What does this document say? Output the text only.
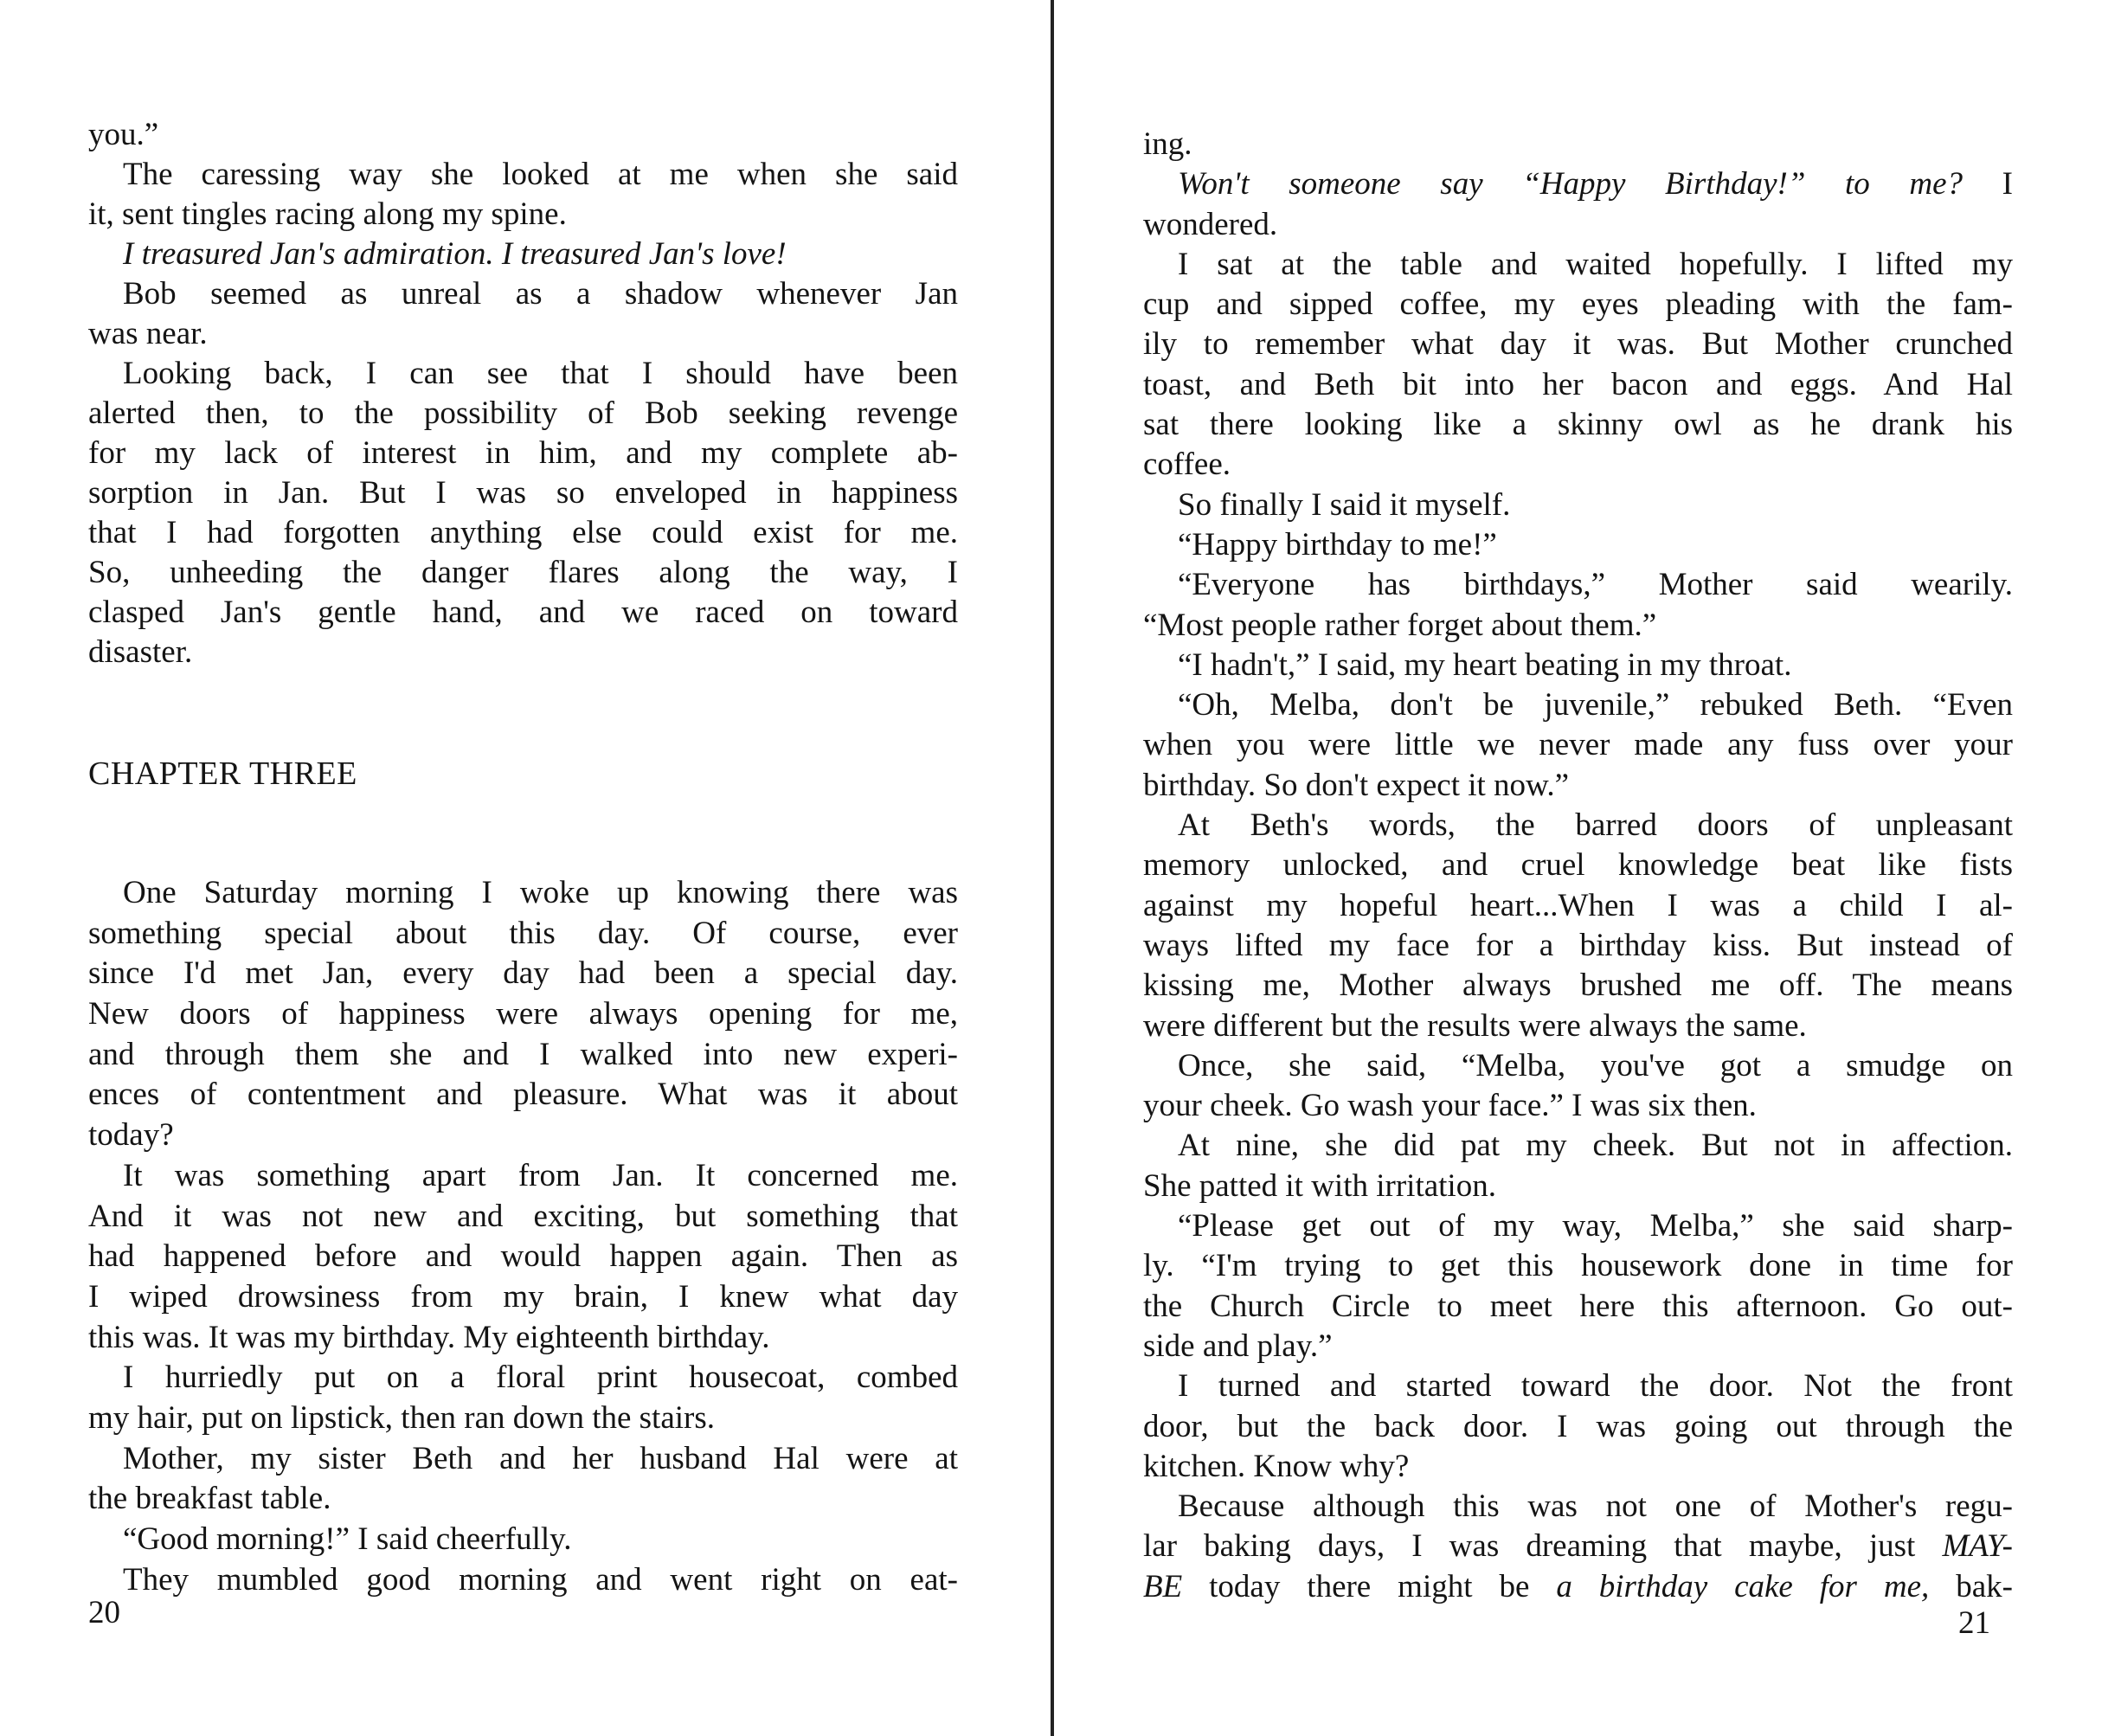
you.”
The caressing way she looked at me when she said
it, sent tingles racing along my spine.
I treasured Jan's admiration. I treasured Jan's love!
Bob seemed as unreal as a shadow whenever Jan
was near.
Looking back, I can see that I should have been
alerted then, to the possibility of Bob seeking revenge
for my lack of interest in him, and my complete ab-
sorption in Jan. But I was so enveloped in happiness
that I had forgotten anything else could exist for me.
So, unheeding the danger flares along the way, I
clasped Jan's gentle hand, and we raced on toward
disaster.
CHAPTER THREE
One Saturday morning I woke up knowing there was
something special about this day. Of course, ever
since I'd met Jan, every day had been a special day.
New doors of happiness were always opening for me,
and through them she and I walked into new experi-
ences of contentment and pleasure. What was it about
today?
It was something apart from Jan. It concerned me.
And it was not new and exciting, but something that
had happened before and would happen again. Then as
I wiped drowsiness from my brain, I knew what day
this was. It was my birthday. My eighteenth birthday.
I hurriedly put on a floral print housecoat, combed
my hair, put on lipstick, then ran down the stairs.
Mother, my sister Beth and her husband Hal were at
the breakfast table.
“Good morning!” I said cheerfully.
They mumbled good morning and went right on eat-
20
ing.
Won't someone say “Happy Birthday!” to me? I
wondered.
I sat at the table and waited hopefully. I lifted my
cup and sipped coffee, my eyes pleading with the fam-
ily to remember what day it was. But Mother crunched
toast, and Beth bit into her bacon and eggs. And Hal
sat there looking like a skinny owl as he drank his
coffee.
So finally I said it myself.
“Happy birthday to me!”
“Everyone has birthdays,” Mother said wearily.
“Most people rather forget about them.”
“I hadn't,” I said, my heart beating in my throat.
“Oh, Melba, don't be juvenile,” rebuked Beth. “Even
when you were little we never made any fuss over your
birthday. So don't expect it now.”
At Beth's words, the barred doors of unpleasant
memory unlocked, and cruel knowledge beat like fists
against my hopeful heart...When I was a child I al-
ways lifted my face for a birthday kiss. But instead of
kissing me, Mother always brushed me off. The means
were different but the results were always the same.
Once, she said, “Melba, you've got a smudge on
your cheek. Go wash your face.” I was six then.
At nine, she did pat my cheek. But not in affection.
She patted it with irritation.
“Please get out of my way, Melba,” she said sharp-
ly. “I'm trying to get this housework done in time for
the Church Circle to meet here this afternoon. Go out-
side and play.”
I turned and started toward the door. Not the front
door, but the back door. I was going out through the
kitchen. Know why?
Because although this was not one of Mother's regu-
lar baking days, I was dreaming that maybe, just MAY-
BE today there might be a birthday cake for me, bak-
21
